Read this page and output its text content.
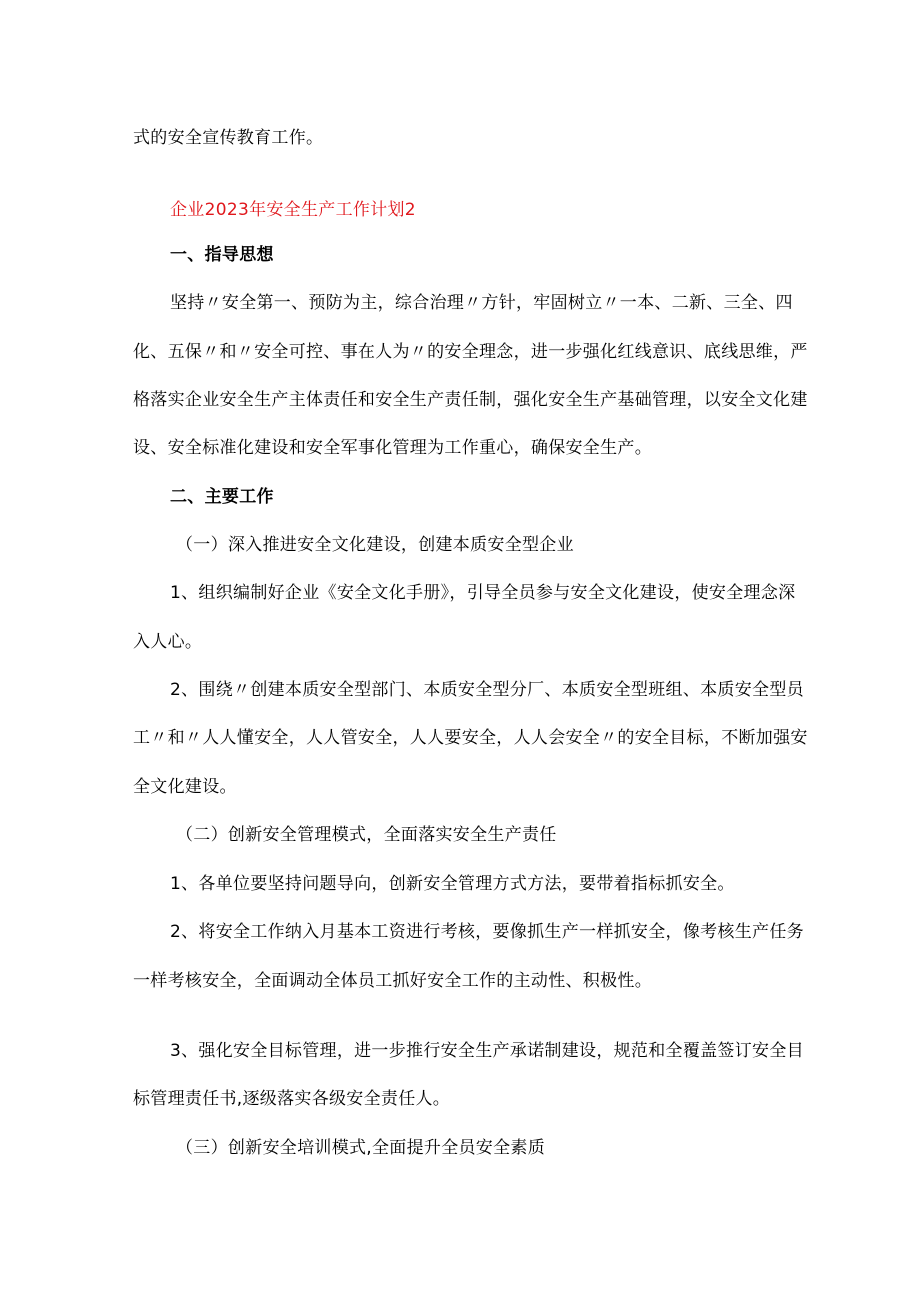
式的安全宣传教育工作。

企业2023年安全生产工作计划2

一、指导思想

坚持〃安全第一、预防为主，综合治理〃方针，牢固树立〃一本、二新、三全、四

化、五保〃和〃安全可控、事在人为〃的安全理念，进一步强化红线意识、底线思维，严

格落实企业安全生产主体责任和安全生产责任制，强化安全生产基础管理，以安全文化建

设、安全标准化建设和安全军事化管理为工作重心，确保安全生产。

二、主要工作

（一）深入推进安全文化建设，创建本质安全型企业

1、组织编制好企业《安全文化手册》，引导全员参与安全文化建设，使安全理念深

入人心。

2、围绕〃创建本质安全型部门、本质安全型分厂、本质安全型班组、本质安全型员

工〃和〃人人懂安全，人人管安全，人人要安全，人人会安全〃的安全目标，不断加强安

全文化建设。

（二）创新安全管理模式，全面落实安全生产责任

1、各单位要坚持问题导向，创新安全管理方式方法，要带着指标抓安全。

2、将安全工作纳入月基本工资进行考核，要像抓生产一样抓安全，像考核生产任务

一样考核安全，全面调动全体员工抓好安全工作的主动性、积极性。

3、强化安全目标管理，进一步推行安全生产承诺制建设，规范和全覆盖签订安全目

标管理责任书,逐级落实各级安全责任人。

（三）创新安全培训模式,全面提升全员安全素质
